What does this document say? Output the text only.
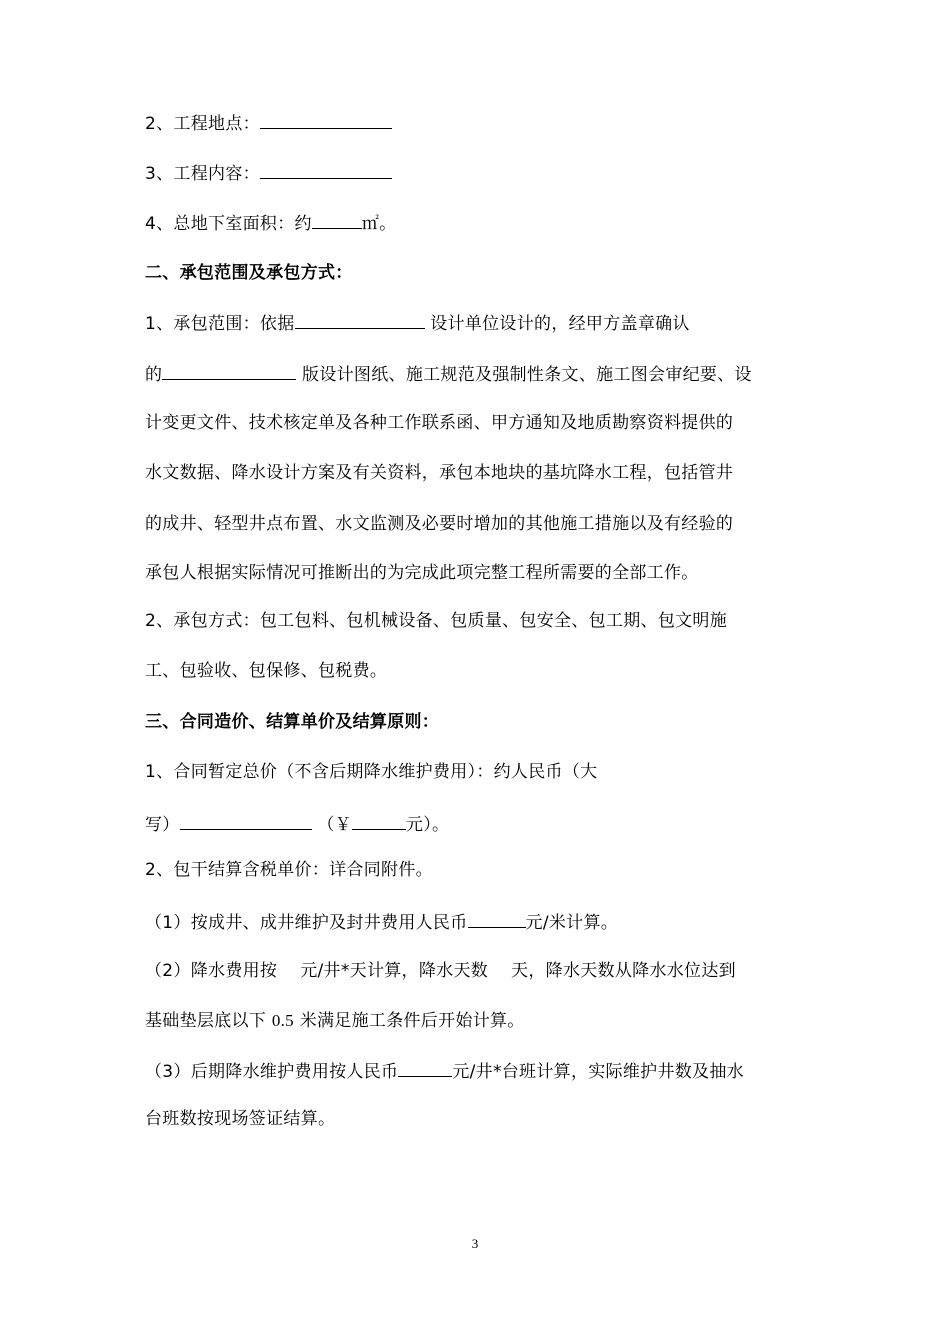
2、工程地点：
3、工程内容：
4、总地下室面积：约	㎡。
二、承包范围及承包方式：
1、承包范围：依据	设计单位设计的，经甲方盖章确认
的	版设计图纸、施工规范及强制性条文、施工图会审纪要、设
计变更文件、技术核定单及各种工作联系函、甲方通知及地质勘察资料提供的
水文数据、降水设计方案及有关资料，承包本地块的基坑降水工程，包括管井
的成井、轻型井点布置、水文监测及必要时增加的其他施工措施以及有经验的
承包人根据实际情况可推断出的为完成此项完整工程所需要的全部工作。
2、承包方式：包工包料、包机械设备、包质量、包安全、包工期、包文明施
工、包验收、包保修、包税费。
三、合同造价、结算单价及结算原则：
1、合同暂定总价（不含后期降水维护费用）：约人民币（大
写）	（￥	元）。
2、包干结算含税单价：详合同附件。
（1）按成井、成井维护及封井费用人民币	元/米计算。
（2）降水费用按　 元/井*天计算，降水天数　 天，降水天数从降水水位达到
基础垫层底以下 0.5 米满足施工条件后开始计算。
（3）后期降水维护费用按人民币	元/井*台班计算，实际维护井数及抽水
台班数按现场签证结算。
3
